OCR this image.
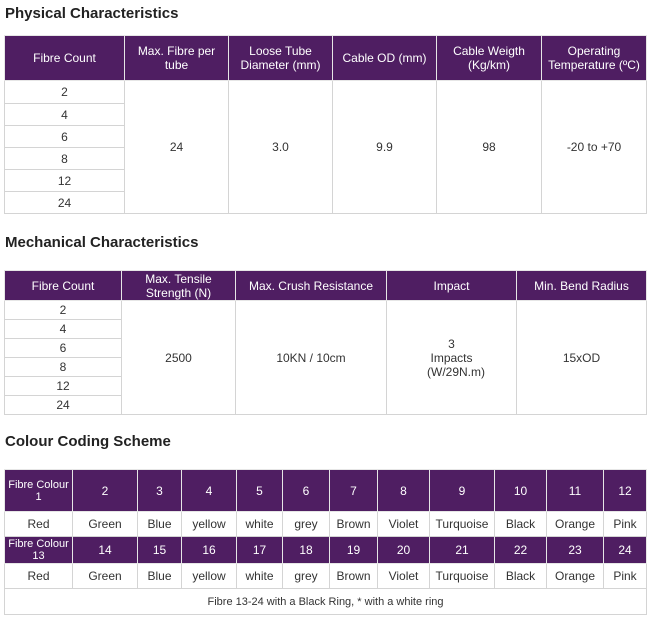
Physical Characteristics
Fibre Count	Max. Fibre per tube	Loose Tube Diameter (mm)	Cable OD (mm)	Cable Weigth (Kg/km)	Operating Temperature (ºC)
2	24	3.0	9.9	98	-20 to +70
4					
6					
8					
12					
24					
Mechanical Characteristics
Fibre Count	Max. Tensile Strength (N)	Max. Crush Resistance	Impact	Min. Bend Radius
2	2500	10KN / 10cm	3 Impacts (W/29N.m)	15xOD
4				
6				
8				
12				
24				
Colour Coding Scheme
Fibre Colour 1	2	3	4	5	6	7	8	9	10	11	12
Red	Green	Blue	yellow	white	grey	Brown	Violet	Turquoise	Black	Orange	Pink
Fibre Colour 13	14	15	16	17	18	19	20	21	22	23	24
Red	Green	Blue	yellow	white	grey	Brown	Violet	Turquoise	Black	Orange	Pink
Fibre 13-24 with a Black Ring, * with a white ring											
